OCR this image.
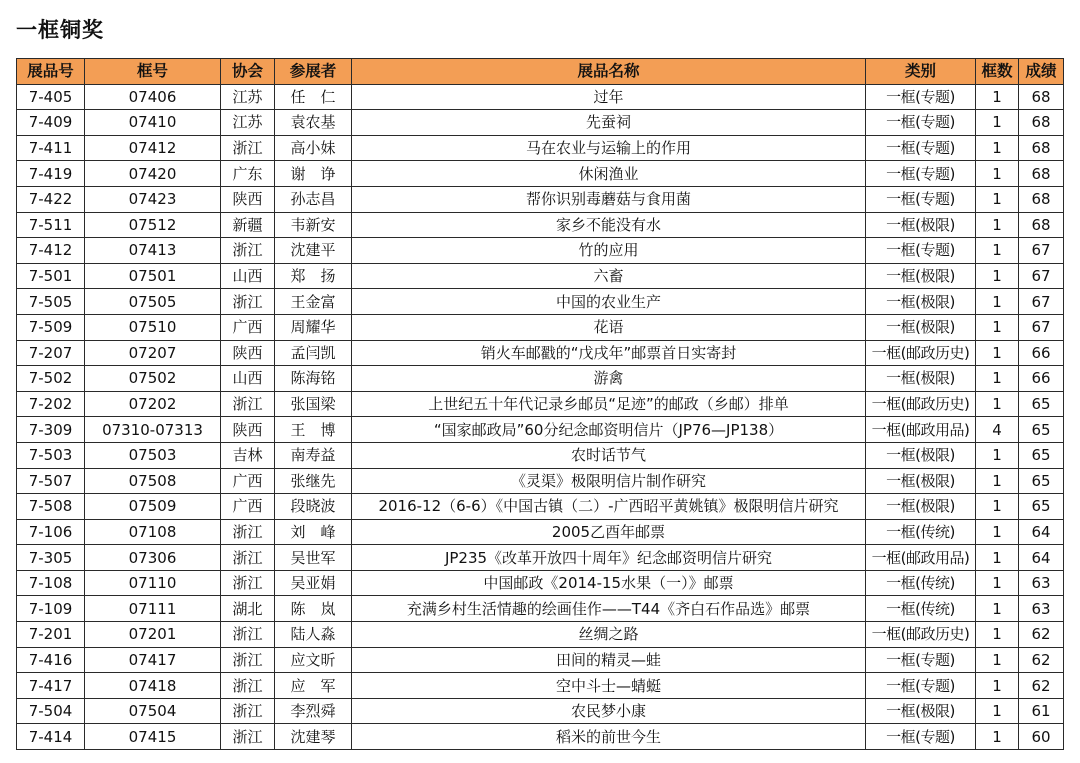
一框铜奖
展品号	框号	协会	参展者	展品名称	类别	框数	成绩
7-405	07406	江苏	任　仁	过年	一框(专题)	1	68
7-409	07410	江苏	袁农基	先蚕祠	一框(专题)	1	68
7-411	07412	浙江	高小妹	马在农业与运输上的作用	一框(专题)	1	68
7-419	07420	广东	谢　诤	休闲渔业	一框(专题)	1	68
7-422	07423	陕西	孙志昌	帮你识别毒蘑菇与食用菌	一框(专题)	1	68
7-511	07512	新疆	韦新安	家乡不能没有水	一框(极限)	1	68
7-412	07413	浙江	沈建平	竹的应用	一框(专题)	1	67
7-501	07501	山西	郑　扬	六畜	一框(极限)	1	67
7-505	07505	浙江	王金富	中国的农业生产	一框(极限)	1	67
7-509	07510	广西	周耀华	花语	一框(极限)	1	67
7-207	07207	陕西	孟闫凯	销火车邮戳的“戊戌年”邮票首日实寄封	一框(邮政历史)	1	66
7-502	07502	山西	陈海铭	游禽	一框(极限)	1	66
7-202	07202	浙江	张国梁	上世纪五十年代记录乡邮员“足迹”的邮政（乡邮）排单	一框(邮政历史)	1	65
7-309	07310-07313	陕西	王　博	“国家邮政局”60分纪念邮资明信片（JP76—JP138）	一框(邮政用品)	4	65
7-503	07503	吉林	南寿益	农时话节气	一框(极限)	1	65
7-507	07508	广西	张继先	《灵渠》极限明信片制作研究	一框(极限)	1	65
7-508	07509	广西	段晓波	2016-12（6-6）《中国古镇（二）-广西昭平黄姚镇》极限明信片研究	一框(极限)	1	65
7-106	07108	浙江	刘　峰	2005乙酉年邮票	一框(传统)	1	64
7-305	07306	浙江	吴世军	JP235《改革开放四十周年》纪念邮资明信片研究	一框(邮政用品)	1	64
7-108	07110	浙江	吴亚娟	中国邮政《2014-15水果（一）》邮票	一框(传统)	1	63
7-109	07111	湖北	陈　岚	充满乡村生活情趣的绘画佳作——T44《齐白石作品选》邮票	一框(传统)	1	63
7-201	07201	浙江	陆人淼	丝绸之路	一框(邮政历史)	1	62
7-416	07417	浙江	应文昕	田间的精灵—蛙	一框(专题)	1	62
7-417	07418	浙江	应　军	空中斗士—蜻蜓	一框(专题)	1	62
7-504	07504	浙江	李烈舜	农民梦小康	一框(极限)	1	61
7-414	07415	浙江	沈建琴	稻米的前世今生	一框(专题)	1	60
